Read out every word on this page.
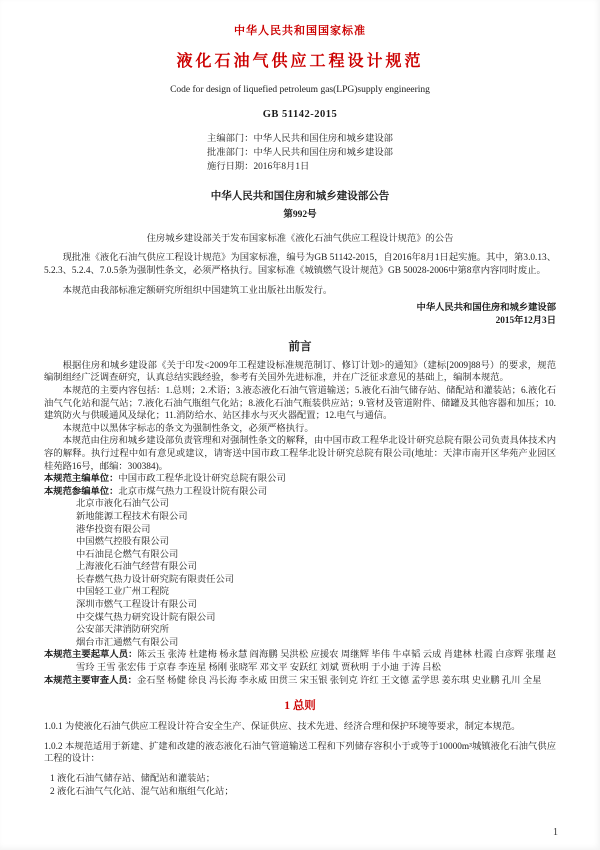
中华人民共和国国家标准
液化石油气供应工程设计规范
Code for design of liquefied petroleum gas(LPG)supply engineering
GB 51142-2015
主编部门：中华人民共和国住房和城乡建设部
批准部门：中华人民共和国住房和城乡建设部
施行日期：2016年8月1日
中华人民共和国住房和城乡建设部公告
第992号
住房城乡建设部关于发布国家标准《液化石油气供应工程设计规范》的公告

现批准《液化石油气供应工程设计规范》为国家标准，编号为GB 51142-2015，自2016年8月1日起实施。其中，第3.0.13、5.2.3、5.2.4、7.0.5条为强制性条文，必须严格执行。国家标准《城镇燃气设计规范》GB 50028-2006中第8章内容同时废止。

本规范由我部标准定额研究所组织中国建筑工业出版社出版发行。

中华人民共和国住房和城乡建设部
2015年12月3日
前言

根据住房和城乡建设部《关于印发<2009年工程建设标准规范制订、修订计划>的通知》（建标[2009]88号）的要求，规范编制组经广泛调查研究，认真总结实践经验，参考有关国外先进标准，并在广泛征求意见的基础上，编制本规范。

本规范的主要内容包括：1.总则；2.术语；3.液态液化石油气管道输送；5.液化石油气储存站、储配站和灌装站；6.液化石油气气化站和混气站；7.液化石油气瓶组气化站；8.液化石油气瓶装供应站；9.管材及管道附件、储罐及其他容器和加压；10.建筑防火与供暖通风及绿化；11.消防给水、站区排水与灭火器配置；12.电气与通信。

本规范中以黑体字标志的条文为强制性条文，必须严格执行。

本规范由住房和城乡建设部负责管理和对强制性条文的解释，由中国市政工程华北设计研究总院有限公司负责具体技术内容的解释。执行过程中如有意见或建议，请寄送中国市政工程华北设计研究总院有限公司(地址：天津市南开区华苑产业园区桂苑路16号，邮编：300384)。

本规范主编单位：中国市政工程华北设计研究总院有限公司

本规范参编单位：北京市煤气热力工程设计院有限公司

北京市液化石油气公司
新地能源工程技术有限公司
港华投资有限公司
中国燃气控股有限公司
中石油昆仑燃气有限公司
上海液化石油气经营有限公司
长春燃气热力设计研究院有限责任公司
中国轻工业广州工程院
深圳市燃气工程设计有限公司
中交煤气热力研究设计院有限公司
公安部天津消防研究所
烟台市汇通燃气有限公司

本规范主要起草人员：陈云玉 张涛 杜建梅 杨永慧 阎海鹏 吴洪松 应援农 周继辉 毕伟 牛卓韬 云成 肖建林 杜霞 白彦辉 张瑾 赵雪玲 王雪 张宏伟 于京春 李连星 杨刚 张晓军 邓文平 安跃红 刘斌 贾秋明 于小迪 于涛 吕松

本规范主要审查人员：金石坚 杨健 徐良 冯长海 李永威 田贯三 宋玉银 张钊克 许红 王文德 孟学思 姜东琪 史业鹏 孔川 全星

1 总则

1.0.1 为使液化石油气供应工程设计符合安全生产、保证供应、技术先进、经济合理和保护环境等要求，制定本规范。

1.0.2 本规范适用于新建、扩建和改建的液态液化石油气管道输送工程和下列储存容积小于或等于10000m³城镇液化石油气供应工程的设计：

1 液化石油气储存站、储配站和灌装站；

2 液化石油气气化站、混气站和瓶组气化站；

1
